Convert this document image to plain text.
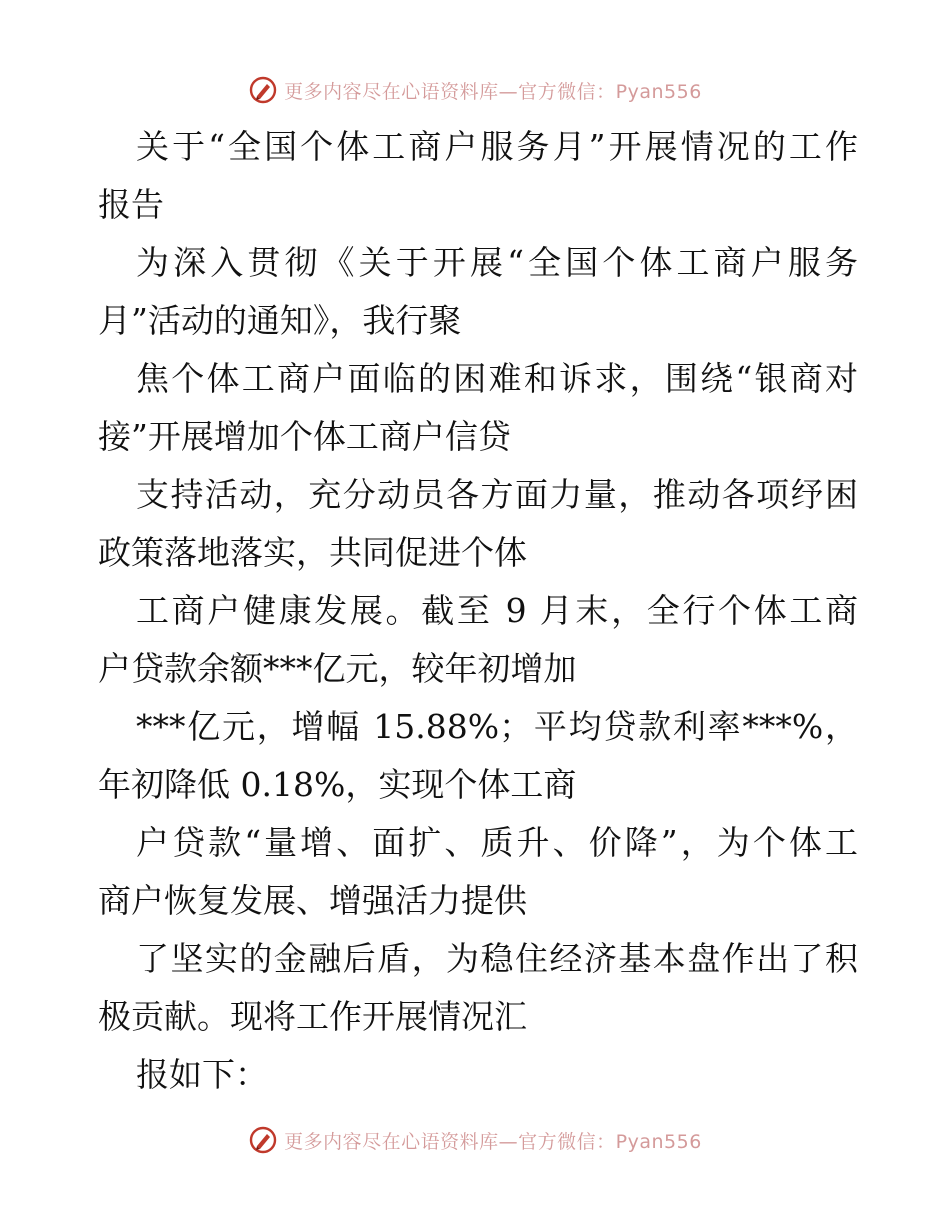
更多内容尽在心语资料库—官方微信：Pyan556
关于“全国个体工商户服务月”开展情况的工作
报告
为深入贯彻《关于开展“全国个体工商户服务
月”活动的通知》，我行聚
焦个体工商户面临的困难和诉求，围绕“银商对
接”开展增加个体工商户信贷
支持活动，充分动员各方面力量，推动各项纾困
政策落地落实，共同促进个体
工商户健康发展。截至 9 月末，全行个体工商
户贷款余额***亿元，较年初增加
***亿元，增幅 15.88%；平均贷款利率***%，
年初降低 0.18%，实现个体工商
户贷款“量增、面扩、质升、价降”，为个体工
商户恢复发展、增强活力提供
了坚实的金融后盾，为稳住经济基本盘作出了积
极贡献。现将工作开展情况汇
报如下：
更多内容尽在心语资料库—官方微信：Pyan556
